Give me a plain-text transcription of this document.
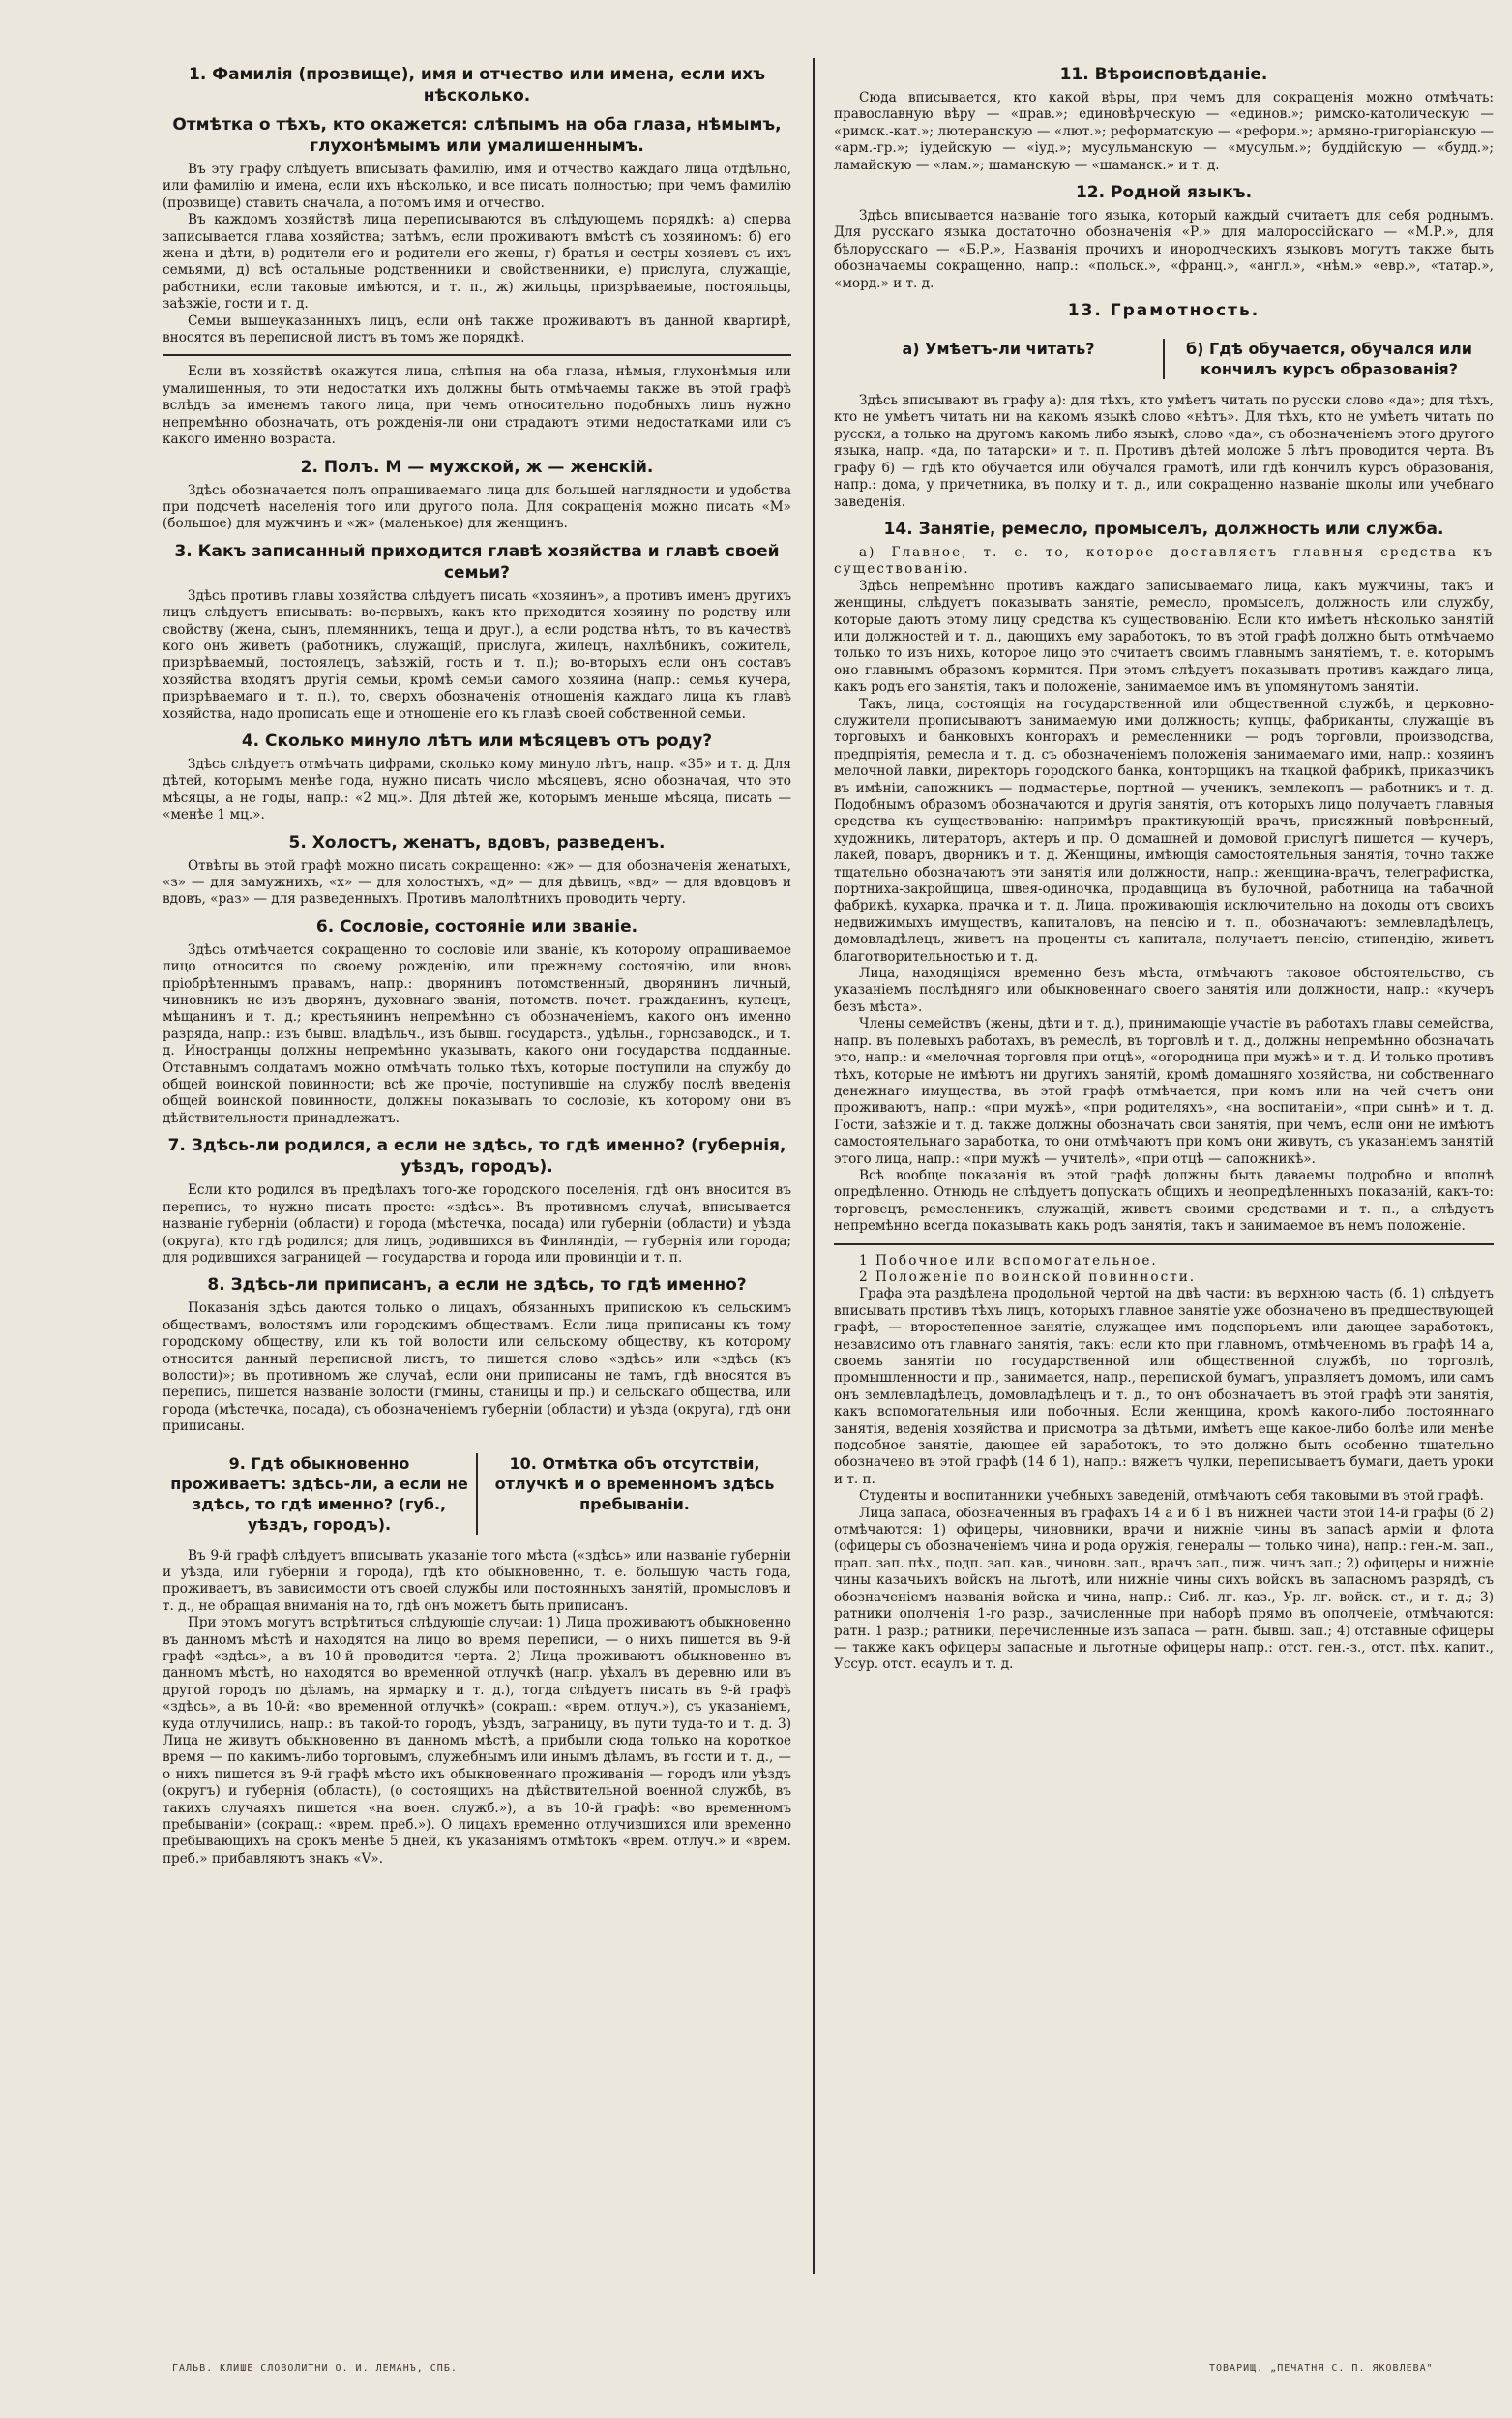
1. Фамилія (прозвище), имя и отчество или имена, если ихъ нѣсколько.
Отмѣтка о тѣхъ, кто окажется: слѣпымъ на оба глаза, нѣмымъ, глухонѣмымъ или умалишеннымъ.

Въ эту графу слѣдуетъ вписывать фамилію, имя и отчество каждаго лица отдѣльно, или фамилію и имена, если ихъ нѣсколько, и все писать полностью; при чемъ фамилію (прозвище) ставить сначала, а потомъ имя и отчество.

Въ каждомъ хозяйствѣ лица переписываются въ слѣдующемъ порядкѣ: а) сперва записывается глава хозяйства; затѣмъ, если проживаютъ вмѣстѣ съ хозяиномъ: б) его жена и дѣти, в) родители его и родители его жены, г) братья и сестры хозяевъ съ ихъ семьями, д) всѣ остальные родственники и свойственники, е) прислуга, служащіе, работники, если таковые имѣются, и т. п., ж) жильцы, призрѣваемые, постояльцы, заѣзжіе, гости и т. д.

Семьи вышеуказанныхъ лицъ, если онѣ также проживаютъ въ данной квартирѣ, вносятся въ переписной листъ въ томъ же порядкѣ.

Если въ хозяйствѣ окажутся лица, слѣпыя на оба глаза, нѣмыя, глухонѣмыя или умалишенныя, то эти недостатки ихъ должны быть отмѣчаемы также въ этой графѣ вслѣдъ за именемъ такого лица, при чемъ относительно подобныхъ лицъ нужно непремѣнно обозначать, отъ рожденія-ли они страдаютъ этими недостатками или съ какого именно возраста.

2. Полъ. М — мужской, ж — женскій.

Здѣсь обозначается полъ опрашиваемаго лица для большей наглядности и удобства при подсчетѣ населенія того или другого пола. Для сокращенія можно писать «М» (большое) для мужчинъ и «ж» (маленькое) для женщинъ.

3. Какъ записанный приходится главѣ хозяйства и главѣ своей семьи?

Здѣсь противъ главы хозяйства слѣдуетъ писать «хозяинъ», а противъ именъ другихъ лицъ слѣдуетъ вписывать: во-первыхъ, какъ кто приходится хозяину по родству или свойству (жена, сынъ, племянникъ, теща и друг.), а если родства нѣтъ, то въ качествѣ кого онъ живетъ (работникъ, служащій, прислуга, жилецъ, нахлѣбникъ, сожитель, призрѣваемый, постоялецъ, заѣзжій, гость и т. п.); во-вторыхъ если онъ составъ хозяйства входятъ другія семьи, кромѣ семьи самого хозяина (напр.: семья кучера, призрѣваемаго и т. п.), то, сверхъ обозначенія отношенія каждаго лица къ главѣ хозяйства, надо прописать еще и отношеніе его къ главѣ своей собственной семьи.

4. Сколько минуло лѣтъ или мѣсяцевъ отъ роду?

Здѣсь слѣдуетъ отмѣчать цифрами, сколько кому минуло лѣтъ, напр. «35» и т. д. Для дѣтей, которымъ менѣе года, нужно писать число мѣсяцевъ, ясно обозначая, что это мѣсяцы, а не годы, напр.: «2 мц.». Для дѣтей же, которымъ меньше мѣсяца, писать — «менѣе 1 мц.».

5. Холостъ, женатъ, вдовъ, разведенъ.

Отвѣты въ этой графѣ можно писать сокращенно: «ж» — для обозначенія женатыхъ, «з» — для замужнихъ, «х» — для холостыхъ, «д» — для дѣвицъ, «вд» — для вдовцовъ и вдовъ, «раз» — для разведенныхъ. Противъ малолѣтнихъ проводить черту.

6. Сословіе, состояніе или званіе.

Здѣсь отмѣчается сокращенно то сословіе или званіе, къ которому опрашиваемое лицо относится по своему рожденію, или прежнему состоянію, или вновь пріобрѣтеннымъ правамъ, напр.: дворянинъ потомственный, дворянинъ личный, чиновникъ не изъ дворянъ, духовнаго званія, потомств. почет. гражданинъ, купецъ, мѣщанинъ и т. д.; крестьянинъ непремѣнно съ обозначеніемъ, какого онъ именно разряда, напр.: изъ бывш. владѣльч., изъ бывш. государств., удѣльн., горнозаводск., и т. д. Иностранцы должны непремѣнно указывать, какого они государства подданные. Отставнымъ солдатамъ можно отмѣчать только тѣхъ, которые поступили на службу до общей воинской повинности; всѣ же прочіе, поступившіе на службу послѣ введенія общей воинской повинности, должны показывать то сословіе, къ которому они въ дѣйствительности принадлежатъ.

7. Здѣсь-ли родился, а если не здѣсь, то гдѣ именно? (губернія, уѣздъ, городъ).

Если кто родился въ предѣлахъ того-же городского поселенія, гдѣ онъ вносится въ перепись, то нужно писать просто: «здѣсь». Въ противномъ случаѣ, вписывается названіе губерніи (области) и города (мѣстечка, посада) или губерніи (области) и уѣзда (округа), кто гдѣ родился; для лицъ, родившихся въ Финляндіи, — губернія или города; для родившихся заграницей — государства и города или провинціи и т. п.

8. Здѣсь-ли приписанъ, а если не здѣсь, то гдѣ именно?

Показанія здѣсь даются только о лицахъ, обязанныхъ припискою къ сельскимъ обществамъ, волостямъ или городскимъ обществамъ. Если лица приписаны къ тому городскому обществу, или къ той волости или сельскому обществу, къ которому относится данный переписной листъ, то пишется слово «здѣсь» или «здѣсь (къ волости)»; въ противномъ же случаѣ, если они приписаны не тамъ, гдѣ вносятся въ перепись, пишется названіе волости (гмины, станицы и пр.) и сельскаго общества, или города (мѣстечка, посада), съ обозначеніемъ губерніи (области) и уѣзда (округа), гдѣ они приписаны.

9. Гдѣ обыкновенно проживаетъ: здѣсь-ли, а если не здѣсь, то гдѣ именно? (губ., уѣздъ, городъ).
10. Отмѣтка объ отсутствіи, отлучкѣ и о временномъ здѣсь пребываніи.

Въ 9-й графѣ слѣдуетъ вписывать указаніе того мѣста («здѣсь» или названіе губерніи и уѣзда, или губерніи и города), гдѣ кто обыкновенно, т. е. большую часть года, проживаетъ, въ зависимости отъ своей службы или постоянныхъ занятій, промысловъ и т. д., не обращая вниманія на то, гдѣ онъ можетъ быть приписанъ.

При этомъ могутъ встрѣтиться слѣдующіе случаи: 1) Лица проживаютъ обыкновенно въ данномъ мѣстѣ и находятся на лицо во время переписи, — о нихъ пишется въ 9-й графѣ «здѣсь», а въ 10-й проводится черта. 2) Лица проживаютъ обыкновенно въ данномъ мѣстѣ, но находятся во временной отлучкѣ (напр. уѣхалъ въ деревню или въ другой городъ по дѣламъ, на ярмарку и т. д.), тогда слѣдуетъ писать въ 9-й графѣ «здѣсь», а въ 10-й: «во временной отлучкѣ» (сокращ.: «врем. отлуч.»), съ указаніемъ, куда отлучились, напр.: въ такой-то городъ, уѣздъ, заграницу, въ пути туда-то и т. д. 3) Лица не живутъ обыкновенно въ данномъ мѣстѣ, а прибыли сюда только на короткое время — по какимъ-либо торговымъ, служебнымъ или инымъ дѣламъ, въ гости и т. д., — о нихъ пишется въ 9-й графѣ мѣсто ихъ обыкновеннаго проживанія — городъ или уѣздъ (округъ) и губернія (область), (о состоящихъ на дѣйствительной военной службѣ, въ такихъ случаяхъ пишется «на воен. служб.»), а въ 10-й графѣ: «во временномъ пребываніи» (сокращ.: «врем. преб.»). О лицахъ временно отлучившихся или временно пребывающихъ на срокъ менѣе 5 дней, къ указаніямъ отмѣтокъ «врем. отлуч.» и «врем. преб.» прибавляютъ знакъ «V».

11. Вѣроисповѣданіе.

Сюда вписывается, кто какой вѣры, при чемъ для сокращенія можно отмѣчать: православную вѣру — «прав.»; единовѣрческую — «единов.»; римско-католическую — «римск.-кат.»; лютеранскую — «лют.»; реформатскую — «реформ.»; армяно-григоріанскую — «арм.-гр.»; іудейскую — «іуд.»; мусульманскую — «мусульм.»; буддійскую — «будд.»; ламайскую — «лам.»; шаманскую — «шаманск.» и т. д.

12. Родной языкъ.

Здѣсь вписывается названіе того языка, который каждый считаетъ для себя роднымъ. Для русскаго языка достаточно обозначенія «Р.» для малороссійскаго — «М.Р.», для бѣлорусскаго — «Б.Р.», Названія прочихъ и инородческихъ языковъ могутъ также быть обозначаемы сокращенно, напр.: «польск.», «франц.», «англ.», «нѣм.» «евр.», «татар.», «морд.» и т. д.

13. Грамотность.
а) Умѣетъ-ли читать?	б) Гдѣ обучается, обучался или кончилъ курсъ образованія?

Здѣсь вписывают въ графу а): для тѣхъ, кто умѣетъ читать по русски слово «да»; для тѣхъ, кто не умѣетъ читать ни на какомъ языкѣ слово «нѣтъ». Для тѣхъ, кто не умѣетъ читать по русски, а только на другомъ какомъ либо языкѣ, слово «да», съ обозначеніемъ этого другого языка, напр. «да, по татарски» и т. п. Противъ дѣтей моложе 5 лѣтъ проводится черта. Въ графу б) — гдѣ кто обучается или обучался грамотѣ, или гдѣ кончилъ курсъ образованія, напр.: дома, у причетника, въ полку и т. д., или сокращенно названіе школы или учебнаго заведенія.

14. Занятіе, ремесло, промыселъ, должность или служба.

а) Главное, т. е. то, которое доставляетъ главныя средства къ существованію.

Здѣсь непремѣнно противъ каждаго записываемаго лица, какъ мужчины, такъ и женщины, слѣдуетъ показывать занятіе, ремесло, промыселъ, должность или службу, которые даютъ этому лицу средства къ существованію. Если кто имѣетъ нѣсколько занятій или должностей и т. д., дающихъ ему заработокъ, то въ этой графѣ должно быть отмѣчаемо только то изъ нихъ, которое лицо это считаетъ своимъ главнымъ занятіемъ, т. е. которымъ оно главнымъ образомъ кормится. При этомъ слѣдуетъ показывать противъ каждаго лица, какъ родъ его занятія, такъ и положеніе, занимаемое имъ въ упомянутомъ занятіи.

Такъ, лица, состоящія на государственной или общественной службѣ, и церковно-служители прописываютъ занимаемую ими должность; купцы, фабриканты, служащіе въ торговыхъ и банковыхъ конторахъ и ремесленники — родъ торговли, производства, предпріятія, ремесла и т. д. съ обозначеніемъ положенія занимаемаго ими, напр.: хозяинъ мелочной лавки, директоръ городского банка, конторщикъ на ткацкой фабрикѣ, приказчикъ въ имѣніи, сапожникъ — подмастерье, портной — ученикъ, землекопъ — работникъ и т. д. Подобнымъ образомъ обозначаются и другія занятія, отъ которыхъ лицо получаетъ главныя средства къ существованію: напримѣръ практикующій врачъ, присяжный повѣренный, художникъ, литераторъ, актеръ и пр. О домашней и домовой прислугѣ пишется — кучеръ, лакей, поваръ, дворникъ и т. д. Женщины, имѣющія самостоятельныя занятія, точно также тщательно обозначаютъ эти занятія или должности, напр.: женщина-врачъ, телеграфистка, портниха-закройщица, швея-одиночка, продавщица въ булочной, работница на табачной фабрикѣ, кухарка, прачка и т. д. Лица, проживающія исключительно на доходы отъ своихъ недвижимыхъ имуществъ, капиталовъ, на пенсію и т. п., обозначаютъ: землевладѣлецъ, домовладѣлецъ, живетъ на проценты съ капитала, получаетъ пенсію, стипендію, живетъ благотворительностью и т. д.

Лица, находящіяся временно безъ мѣста, отмѣчаютъ таковое обстоятельство, съ указаніемъ послѣдняго или обыкновеннаго своего занятія или должности, напр.: «кучеръ безъ мѣста».

Члены семействъ (жены, дѣти и т. д.), принимающіе участіе въ работахъ главы семейства, напр. въ полевыхъ работахъ, въ ремеслѣ, въ торговлѣ и т. д., должны непремѣнно обозначать это, напр.: и «мелочная торговля при отцѣ», «огородница при мужѣ» и т. д. И только противъ тѣхъ, которые не имѣютъ ни другихъ занятій, кромѣ домашняго хозяйства, ни собственнаго денежнаго имущества, въ этой графѣ отмѣчается, при комъ или на чей счетъ они проживаютъ, напр.: «при мужѣ», «при родителяхъ», «на воспитаніи», «при сынѣ» и т. д. Гости, заѣзжіе и т. д. также должны обозначать свои занятія, при чемъ, если они не имѣютъ самостоятельнаго заработка, то они отмѣчаютъ при комъ они живутъ, съ указаніемъ занятій этого лица, напр.: «при мужѣ — учителѣ», «при отцѣ — сапожникѣ».

Всѣ вообще показанія въ этой графѣ должны быть даваемы подробно и вполнѣ опредѣленно. Отнюдь не слѣдуетъ допускать общихъ и неопредѣленныхъ показаній, какъ-то: торговецъ, ремесленникъ, служащій, живетъ своими средствами и т. п., а слѣдуетъ непремѣнно всегда показывать какъ родъ занятія, такъ и занимаемое въ немъ положеніе.

1 Побочное или вспомогательное.

2 Положеніе по воинской повинности.

Графа эта раздѣлена продольной чертой на двѣ части: въ верхнюю часть (б. 1) слѣдуетъ вписывать противъ тѣхъ лицъ, которыхъ главное занятіе уже обозначено въ предшествующей графѣ, — второстепенное занятіе, служащее имъ подспорьемъ или дающее заработокъ, независимо отъ главнаго занятія, такъ: если кто при главномъ, отмѣченномъ въ графѣ 14 а, своемъ занятіи по государственной или общественной службѣ, по торговлѣ, промышленности и пр., занимается, напр., перепиской бумагъ, управляетъ домомъ, или самъ онъ землевладѣлецъ, домовладѣлецъ и т. д., то онъ обозначаетъ въ этой графѣ эти занятія, какъ вспомогательныя или побочныя. Если женщина, кромѣ какого-либо постояннаго занятія, веденія хозяйства и присмотра за дѣтьми, имѣетъ еще какое-либо болѣе или менѣе подсобное занятіе, дающее ей заработокъ, то это должно быть особенно тщательно обозначено въ этой графѣ (14 б 1), напр.: вяжетъ чулки, переписываетъ бумаги, даетъ уроки и т. п.

Студенты и воспитанники учебныхъ заведеній, отмѣчаютъ себя таковыми въ этой графѣ.

Лица запаса, обозначенныя въ графахъ 14 а и б 1 въ нижней части этой 14-й графы (б 2) отмѣчаются: 1) офицеры, чиновники, врачи и нижніе чины въ запасѣ арміи и флота (офицеры съ обозначеніемъ чина и рода оружія, генералы — только чина), напр.: ген.-м. зап., прап. зап. пѣх., подп. зап. кав., чиновн. зап., врачъ зап., пиж. чинъ зап.; 2) офицеры и нижніе чины казачьихъ войскъ на льготѣ, или нижніе чины сихъ войскъ въ запасномъ разрядѣ, съ обозначеніемъ названія войска и чина, напр.: Сиб. лг. каз., Ур. лг. войск. ст., и т. д.; 3) ратники ополченія 1-го разр., зачисленные при наборѣ прямо въ ополченіе, отмѣчаются: ратн. 1 разр.; ратники, перечисленные изъ запаса — ратн. бывш. зап.; 4) отставные офицеры — также какъ офицеры запасные и льготные офицеры напр.: отст. ген.-з., отст. пѣх. капит., Уссур. отст. есаулъ и т. д.

ГАЛЬВ. КЛИШЕ СЛОВОЛИТНИ О. И. ЛЕМАНЪ, СПБ.	ТОВАРИЩ. „ПЕЧАТНЯ С. П. ЯКОВЛЕВА"
